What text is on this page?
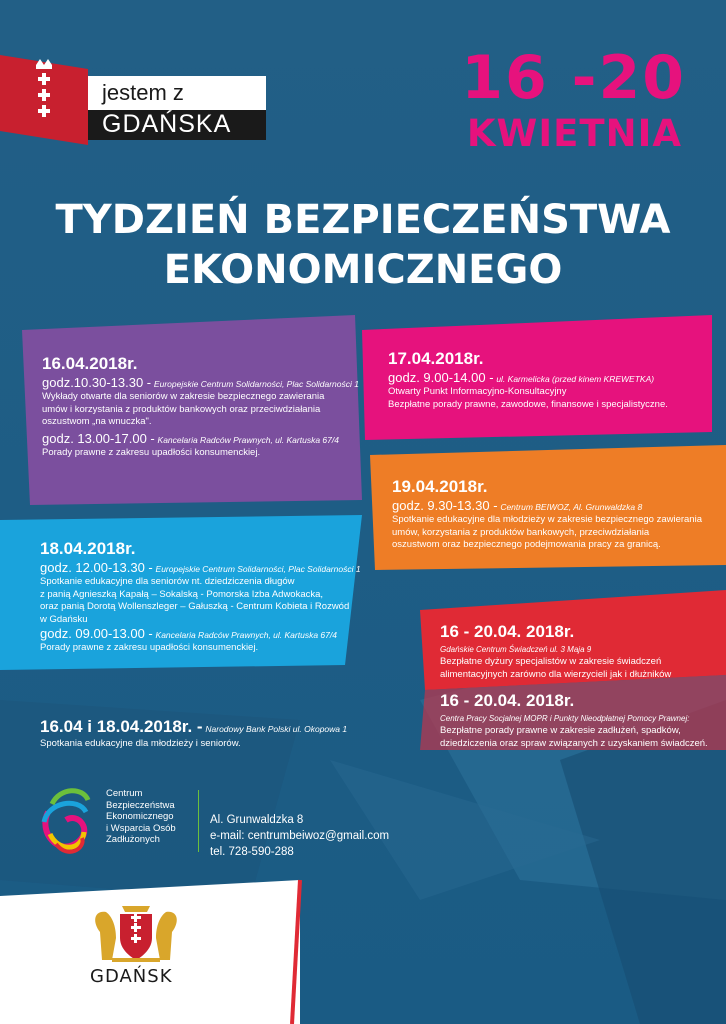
jestem z
GDAŃSKA
16 -20
KWIETNIA
TYDZIEŃ BEZPIECZEŃSTWA
EKONOMICZNEGO
16.04.2018r.
godz.10.30-13.30 - Europejskie Centrum Solidarności, Plac Solidarności 1
Wykłady otwarte dla seniorów w zakresie bezpiecznego zawierania
umów i korzystania z produktów bankowych oraz przeciwdziałania
oszustwom „na wnuczka".
godz. 13.00-17.00 - Kancelaria Radców Prawnych, ul. Kartuska 67/4
Porady prawne z zakresu upadłości konsumenckiej.
17.04.2018r.
godz. 9.00-14.00 - ul. Karmelicka (przed kinem KREWETKA)
Otwarty Punkt Informacyjno-Konsultacyjny
Bezpłatne porady prawne, zawodowe, finansowe i specjalistyczne.
19.04.2018r.
godz. 9.30-13.30 - Centrum BEIWOZ, Al. Grunwaldzka 8
Spotkanie edukacyjne dla młodzieży w zakresie bezpiecznego zawierania
umów, korzystania z produktów bankowych, przeciwdziałania
oszustwom oraz bezpiecznego podejmowania pracy za granicą.
18.04.2018r.
godz. 12.00-13.30 - Europejskie Centrum Solidarności, Plac Solidarności 1
Spotkanie edukacyjne dla seniorów nt. dziedziczenia długów
z panią Agnieszką Kapałą – Sokalską - Pomorska Izba Adwokacka,
oraz panią Dorotą Wollenszleger – Gałuszką - Centrum Kobieta i Rozwód
w Gdańsku
godz. 09.00-13.00 - Kancelaria Radców Prawnych, ul. Kartuska 67/4
Porady prawne z zakresu upadłości konsumenckiej.
16 - 20.04. 2018r.
Gdańskie Centrum Świadczeń ul. 3 Maja 9
Bezpłatne dyżury specjalistów w zakresie świadczeń
alimentacyjnych zarówno dla wierzycieli jak i dłużników
16 - 20.04. 2018r.
Centra Pracy Socjalnej MOPR i Punkty Nieodpłatnej Pomocy Prawnej:
Bezpłatne porady prawne w zakresie zadłużeń, spadków,
dziedziczenia oraz spraw związanych z uzyskaniem świadczeń.
16.04 i 18.04.2018r. - Narodowy Bank Polski ul. Okopowa 1
Spotkania edukacyjne dla młodzieży i seniorów.
Centrum
Bezpieczeństwa
Ekonomicznego
i Wsparcia Osób
Zadłużonych
Al. Grunwaldzka 8
e-mail: centrumbeiwoz@gmail.com
tel. 728-590-288
GDAŃSK
